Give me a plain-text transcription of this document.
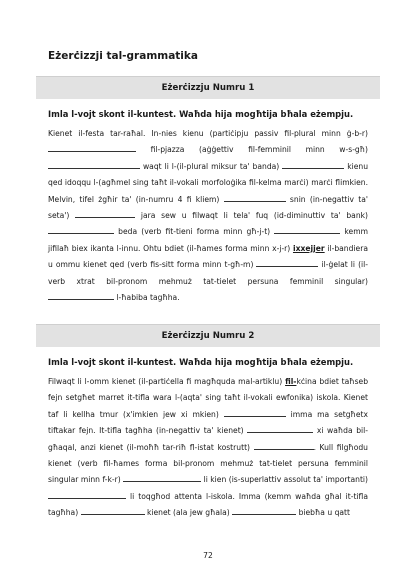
Eżerċizzji tal-grammatika
Eżerċizzju Numru 1
Imla l-vojt skont il-kuntest. Waħda hija mogħtija bħala eżempju.
Kienet il-festa tar-raħal. In-nies kienu (partiċipju passiv fil-plural minn ġ-b-r)  fil-pjazza (aġġettiv fil-femminil minn w-s-għ)  waqt li l-(il-plural miksur ta' banda)	kienu qed idoqqu l-(agħmel sing taħt il-vokali morfoloġika fil-kelma marċi) marċi flimkien. Melvin, tifel żgħir ta' (in-numru 4 fi kliem)	snin (in-negattiv ta' seta')	jara sew u filwaqt li tela' fuq (id-diminuttiv ta' bank)  beda (verb fit-tieni forma minn għ-j-t)	kemm jifilaħ biex ikanta l-innu. Ohtu bdiet (il-ħames forma minn x-j-r) ixxejjer il-bandiera u ommu kienet qed (verb fis-sitt forma minn t-għ-m)	il-ġelat li (il-verb xtrat bil-pronom mehmuż tat-tielet persuna femminil singular)  l-ħabiba tagħha.
Eżerċizzju Numru 2
Imla l-vojt skont il-kuntest. Waħda hija mogħtija bħala eżempju.
Filwaqt li l-omm kienet (il-partiċella fi magħquda mal-artiklu) fil-kċina bdiet taħseb fejn setgħet marret it-tifla wara l-(aqta' sing taħt il-vokali ewfonika) iskola. Kienet taf li kellha tmur (x'imkien jew xi mkien)	imma ma setgħetx tiftakar fejn. It-tifla tagħha (in-negattiv ta' kienet)	xi waħda bil-għaqal, anzi kienet (il-moħħ tar-riħ fl-istat kostrutt)	. Kull filgħodu kienet (verb fil-ħames forma bil-pronom mehmuż tat-tielet persuna femminil singular minn f-k-r)	li kien (is-superlattiv assolut ta' importanti)  li toqgħod attenta l-iskola. Imma (kemm waħda għal it-tifla tagħha)	kienet (ala jew għala)	biebħa u qatt
72
